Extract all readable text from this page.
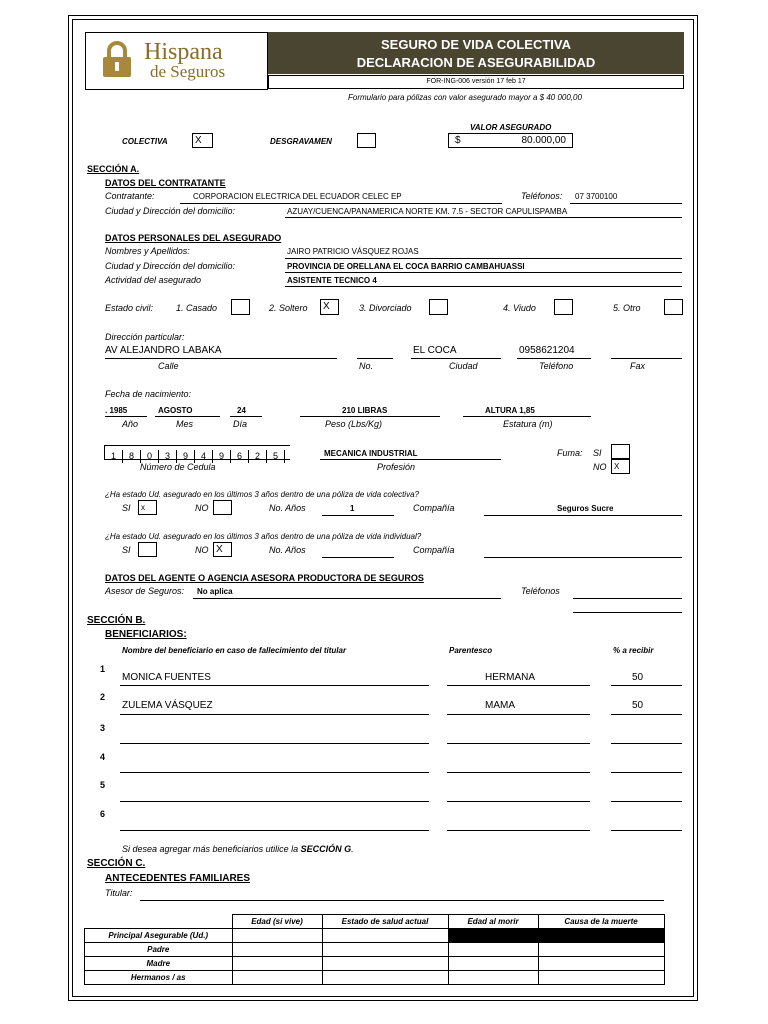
Hispana
de Seguros
SEGURO DE VIDA COLECTIVA
DECLARACION DE ASEGURABILIDAD
FOR-ING-006 versión 17 feb 17
Formulario para pólizas con valor asegurado mayor a $ 40 000,00
VALOR ASEGURADO
COLECTIVA	X	DESGRAVAMEN	$	80.000,00
SECCIÓN A.
DATOS DEL CONTRATANTE
Contratante:	CORPORACION ELECTRICA DEL ECUADOR CELEC EP	Teléfonos: 07 3700100
Ciudad y Dirección del domicilio:	AZUAY/CUENCA/PANAMERICA NORTE KM. 7.5 - SECTOR CAPULISPAMBA
DATOS PERSONALES DEL ASEGURADO
Nombres y Apellidos:	JAIRO PATRICIO VÁSQUEZ ROJAS
Ciudad y Dirección del domicilio:	PROVINCIA DE ORELLANA EL COCA BARRIO CAMBAHUASSI
Actividad del asegurado	ASISTENTE TECNICO 4
Estado civil:	1. Casado	2. Soltero	X	3. Divorciado	4. Viudo	5. Otro
Dirección particular:
AV ALEJANDRO LABAKA	EL COCA	0958621204
Calle	No.	Ciudad	Teléfono	Fax
Fecha de nacimiento:
. 1985	AGOSTO	24	210 LIBRAS	ALTURA 1,85
Año	Mes	Día	Peso (Lbs/Kg)	Estatura (m)
1 8 0 3 9 4 9 6 2 5
Número de Cedula
MECANICA INDUSTRIAL
Profesión
Fuma: SI
NO X
¿Ha estado Ud. asegurado en los últimos 3 años dentro de una póliza de vida colectiva?
SI	x	NO	No. Años	1	Compañía	Seguros Sucre
¿Ha estado Ud. asegurado en los últimos 3 años dentro de una póliza de vida individual?
SI	NO X	No. Años	Compañía
DATOS DEL AGENTE O AGENCIA ASESORA PRODUCTORA DE SEGUROS
Asesor de Seguros: No aplica	Teléfonos
SECCIÓN B.
BENEFICIARIOS:
Nombre del beneficiario en caso de fallecimiento del titular	Parentesco	% a recibir
1
MONICA FUENTES	HERMANA	50
2
ZULEMA VÁSQUEZ	MAMA	50
3
4
5
6
Si desea agregar más beneficiarios utilice la SECCIÓN G.
SECCIÓN C.
ANTECEDENTES FAMILIARES
Titular:
	Edad (si vive)	Estado de salud actual	Edad al morir	Causa de la muerte
Principal Asegurable (Ud.)				
Padre				
Madre				
Hermanos / as				
